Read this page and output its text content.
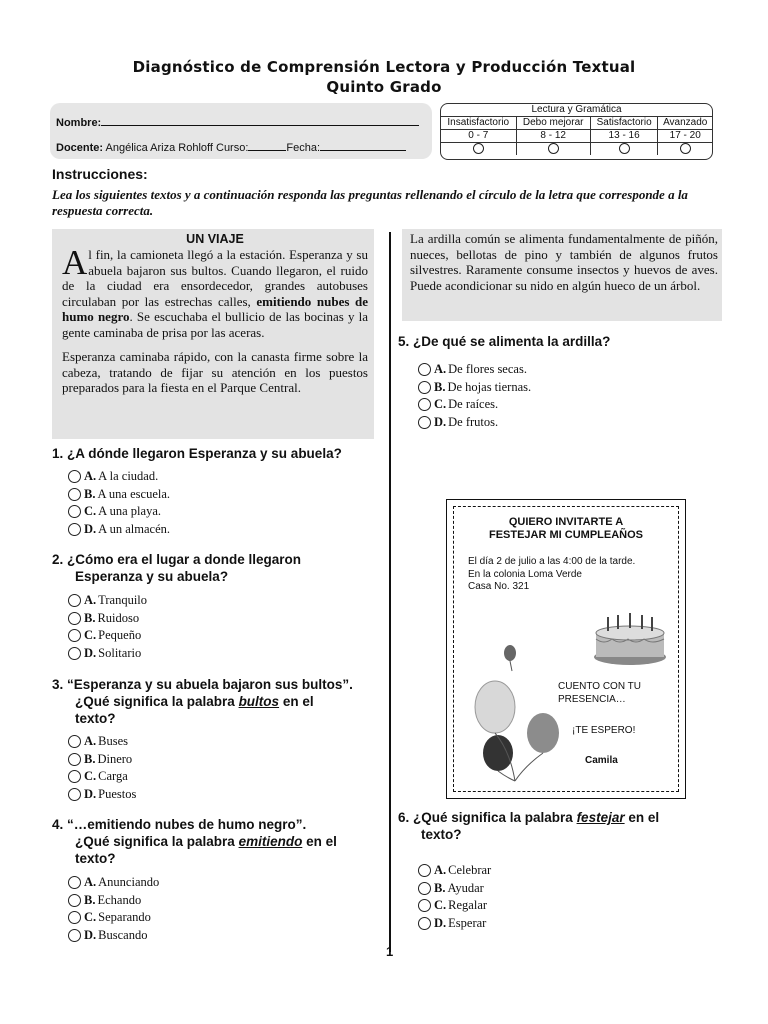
Diagnóstico de Comprensión Lectora y Producción Textual
Quinto Grado
Nombre:
Docente: Angélica Ariza Rohloff Curso:	Fecha:
Lectura y Gramática			
Insatisfactorio	Debo mejorar	Satisfactorio	Avanzado
0 - 7	8 - 12	13 - 16	17 - 20

Instrucciones:
Lea los siguientes textos y a continuación responda las preguntas rellenando el círculo de la letra que corresponde a la respuesta correcta.
UN VIAJE

Al fin, la camioneta llegó a la estación. Esperanza y su abuela bajaron sus bultos. Cuando llegaron, el ruido de la ciudad era ensordecedor, grandes autobuses circulaban por las estrechas calles, emitiendo nubes de humo negro. Se escuchaba el bullicio de las bocinas y la gente caminaba de prisa por las aceras.

Esperanza caminaba rápido, con la canasta firme sobre la cabeza, tratando de fijar su atención en los puestos preparados para la fiesta en el Parque Central.

1. ¿A dónde llegaron Esperanza y su abuela?
A. A la ciudad.
B. A una escuela.
C. A una playa.
D. A un almacén.
2. ¿Cómo era el lugar a donde llegaron
Esperanza y su abuela?
A. Tranquilo
B. Ruidoso
C. Pequeño
D. Solitario
3. “Esperanza y su abuela bajaron sus bultos”.
¿Qué significa la palabra bultos en el
texto?
A. Buses
B. Dinero
C. Carga
D. Puestos
4. “…emitiendo nubes de humo negro”.
¿Qué significa la palabra emitiendo en el
texto?
A. Anunciando
B. Echando
C. Separando
D. Buscando
La ardilla común se alimenta fundamentalmente de piñón, nueces, bellotas de pino y también de algunos frutos silvestres. Raramente consume insectos y huevos de aves. Puede acondicionar su nido en algún hueco de un árbol.
5. ¿De qué se alimenta la ardilla?
A. De flores secas.
B. De hojas tiernas.
C. De raíces.
D. De frutos.
QUIERO INVITARTE A
FESTEJAR MI CUMPLEAÑOS
El día 2 de julio a las 4:00 de la tarde.
En la colonia Loma Verde
Casa No. 321
CUENTO CON TU
PRESENCIA…
¡TE ESPERO!
Camila
6. ¿Qué significa la palabra festejar en el
texto?
A. Celebrar
B. Ayudar
C. Regalar
D. Esperar
1
